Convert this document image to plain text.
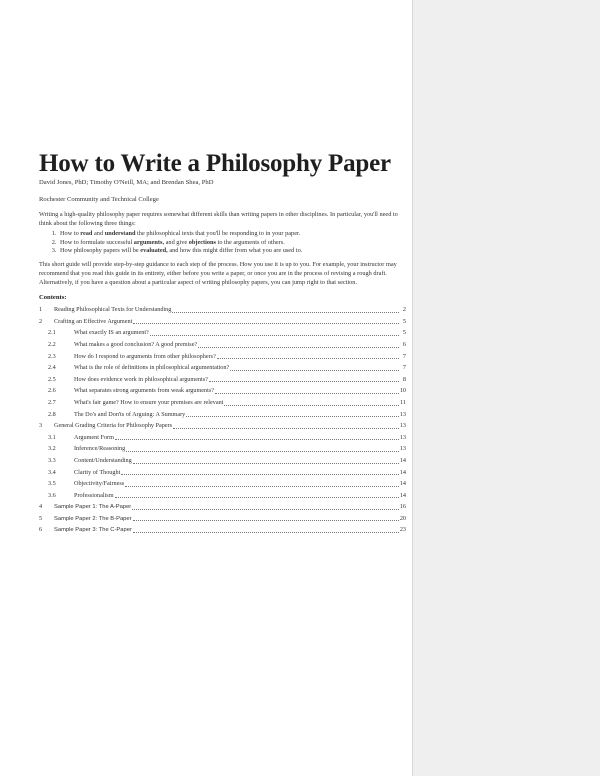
How to Write a Philosophy Paper
David Jones, PhD; Timothy O'Neill, MA; and Brendan Shea, PhD
Rochester Community and Technical College
Writing a high-quality philosophy paper requires somewhat different skills than writing papers in other disciplines. In particular, you'll need to think about the following three things:
1. How to read and understand the philosophical texts that you'll be responding to in your paper.
2. How to formulate successful arguments, and give objections to the arguments of others.
3. How philosophy papers will be evaluated, and how this might differ from what you are used to.
This short guide will provide step-by-step guidance to each step of the process. How you use it is up to you. For example, your instructor may recommend that you read this guide in its entirety, either before you write a paper, or once you are in the process of revising a rough draft. Alternatively, if you have a question about a particular aspect of writing philosophy papers, you can jump right to that section.
Contents:
1	Reading Philosophical Texts for Understanding	2
2	Crafting an Effective Argument	5
2.1	What exactly IS an argument?	5
2.2	What makes a good conclusion? A good premise?	6
2.3	How do I respond to arguments from other philosophers?	7
2.4	What is the role of definitions in philosophical argumentation?	7
2.5	How does evidence work in philosophical arguments?	8
2.6	What separates strong arguments from weak arguments?	10
2.7	What's fair game? How to ensure your premises are relevant	11
2.8	The Do's and Don'ts of Arguing: A Summary	13
3	General Grading Criteria for Philosophy Papers	13
3.1	Argument Form	13
3.2	Inference/Reasoning	13
3.3	Content/Understanding	14
3.4	Clarity of Thought	14
3.5	Objectivity/Fairness	14
3.6	Professionalism	14
4	Sample Paper 1: The A-Paper	16
5	Sample Paper 2: The B-Paper	20
6	Sample Paper 3: The C-Paper	23
